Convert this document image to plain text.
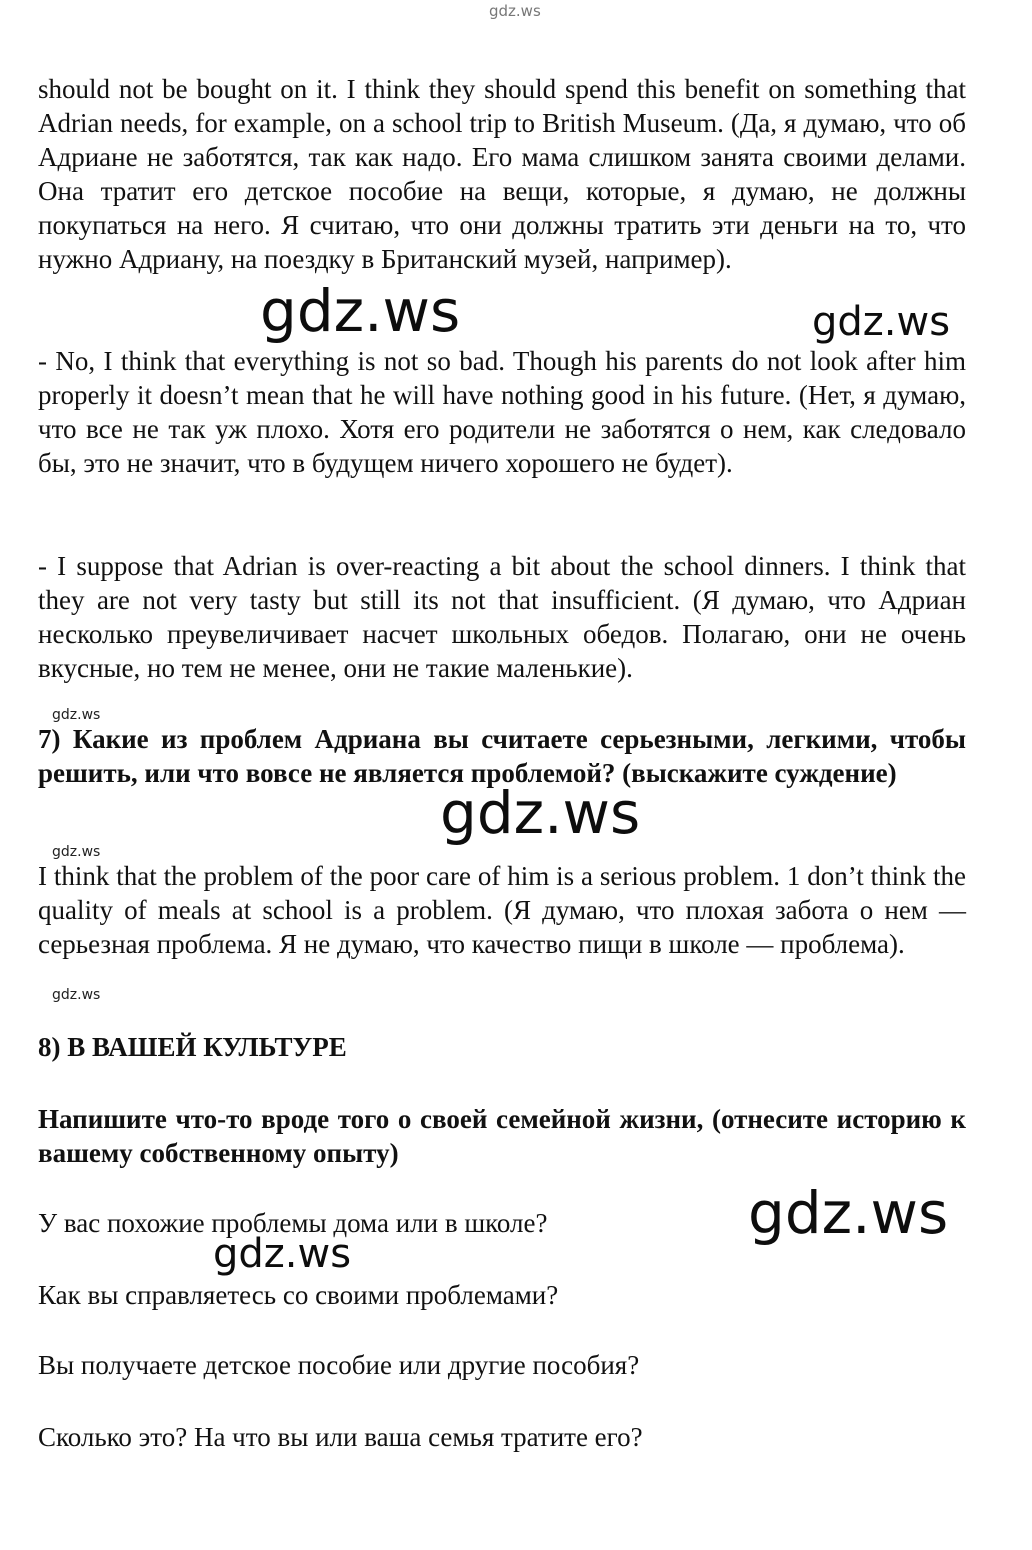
gdz.ws

should not be bought on it. I think they should spend this benefit on something that Adrian needs, for example, on a school trip to British Museum. (Да, я думаю, что об Адриане не заботятся, так как надо. Его мама слишком занята своими делами. Она тратит его детское пособие на вещи, которые, я думаю, не должны покупаться на него. Я считаю, что они должны тратить эти деньги на то, что нужно Адриану, на поездку в Британский музей, например).

- No, I think that everything is not so bad. Though his parents do not look after him properly it doesn’t mean that he will have nothing good in his future. (Нет, я думаю, что все не так уж плохо. Хотя его родители не заботятся о нем, как следовало бы, это не значит, что в будущем ничего хорошего не будет).

- I suppose that Adrian is over-reacting a bit about the school dinners. I think that they are not very tasty but still its not that insufficient. (Я думаю, что Адриан несколько преувеличивает насчет школьных обедов. Полагаю, они не очень вкусные, но тем не менее, они не такие маленькие).

gdz.ws

7) Какие из проблем Адриана вы считаете серьезными, легкими, чтобы решить, или что вовсе не является проблемой? (выскажите суждение)

gdz.ws

I think that the problem of the poor care of him is a serious problem. 1 don’t think the quality of meals at school is a problem. (Я думаю, что плохая забота о нем — серьезная проблема. Я не думаю, что качество пищи в школе — проблема).

gdz.ws

8) В ВАШЕЙ КУЛЬТУРЕ

Напишите что-то вроде того о своей семейной жизни, (отнесите историю к вашему собственному опыту)

У вас похожие проблемы дома или в школе?

Как вы справляетесь со своими проблемами?

Вы получаете детское пособие или другие пособия?

Сколько это? На что вы или ваша семья тратите его?

gdz.ws	gdz.ws
gdz.ws
gdz.ws
gdz.ws
